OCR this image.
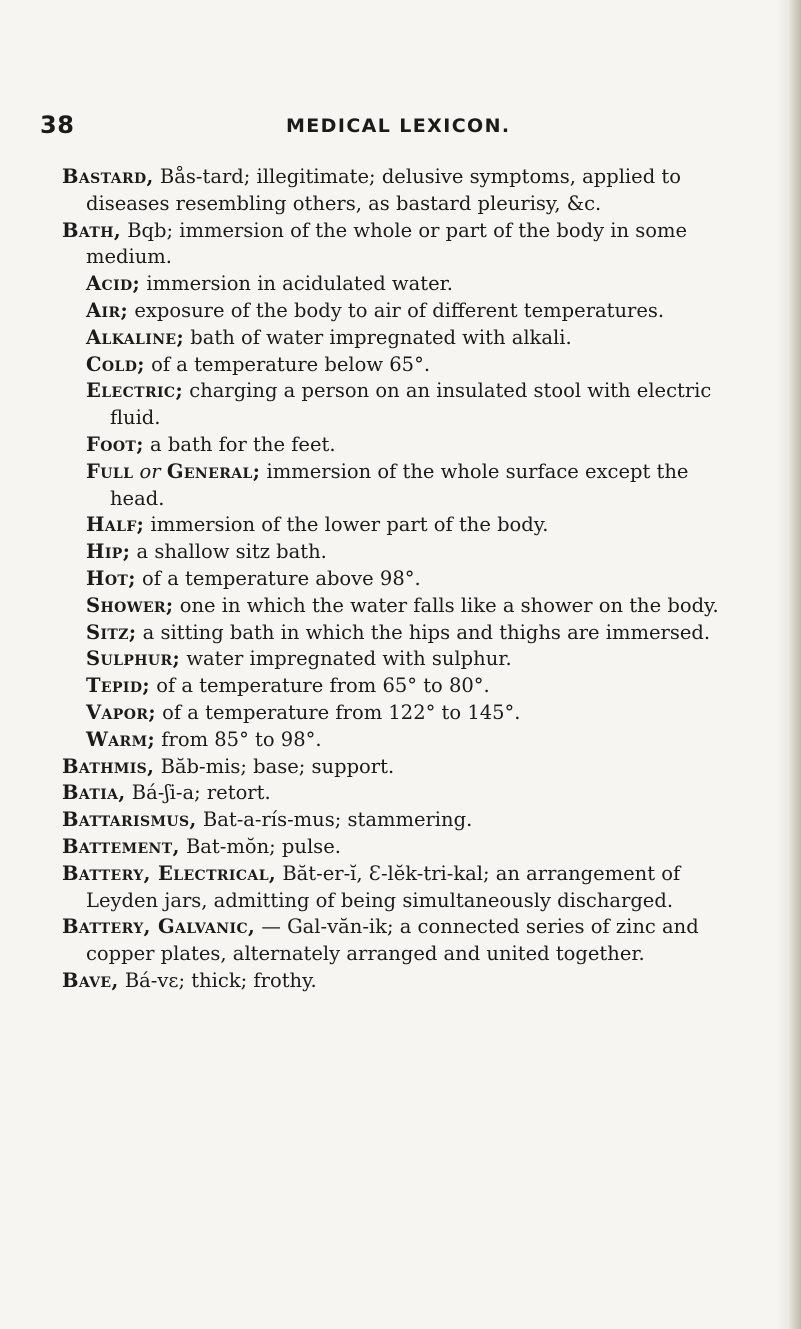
38	MEDICAL LEXICON.

Bastard, Bås-tard; illegitimate; delusive symptoms, applied to diseases resembling others, as bastard pleurisy, &c.

Bath, Bqb; immersion of the whole or part of the body in some medium.

Acid; immersion in acidulated water.

Air; exposure of the body to air of different temperatures.

Alkaline; bath of water impregnated with alkali.

Cold; of a temperature below 65°.

Electric; charging a person on an insulated stool with electric fluid.

Foot; a bath for the feet.

Full or General; immersion of the whole surface except the head.

Half; immersion of the lower part of the body.

Hip; a shallow sitz bath.

Hot; of a temperature above 98°.

Shower; one in which the water falls like a shower on the body.

Sitz; a sitting bath in which the hips and thighs are immersed.

Sulphur; water impregnated with sulphur.

Tepid; of a temperature from 65° to 80°.

Vapor; of a temperature from 122° to 145°.

Warm; from 85° to 98°.

Bathmis, Băb-mis; base; support.

Batia, Bá-ʃi-a; retort.

Battarismus, Bat-a-rís-mus; stammering.

Battement, Bat-mŏn; pulse.

Battery, Electrical, Băt-er-ĭ, Ɛ-lĕk-tri-kal; an arrangement of Leyden jars, admitting of being simultaneously discharged.

Battery, Galvanic, — Gal-văn-ik; a connected series of zinc and copper plates, alternately arranged and united together.

Bave, Bá-vɛ; thick; frothy.
